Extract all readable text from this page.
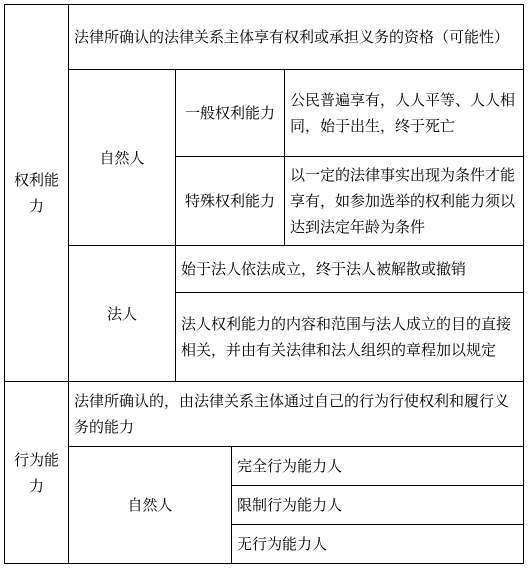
权利能力	法律所确认的法律关系主体享有权利或承担义务的资格（可能性）			
	自然人	一般权利能力		公民普遍享有，人人平等、人人相同，始于出生，终于死亡
		特殊权利能力		以一定的法律事实出现为条件才能享有，如参加选举的权利能力须以达到法定年龄为条件
	法人	始于法人依法成立，终于法人被解散或撤销		
		法人权利能力的内容和范围与法人成立的目的直接相关，并由有关法律和法人组织的章程加以规定		
行为能力	法律所确认的，由法律关系主体通过自己的行为行使权利和履行义务的能力			
	自然人		完全行为能力人	
			限制行为能力人	
			无行为能力人	
